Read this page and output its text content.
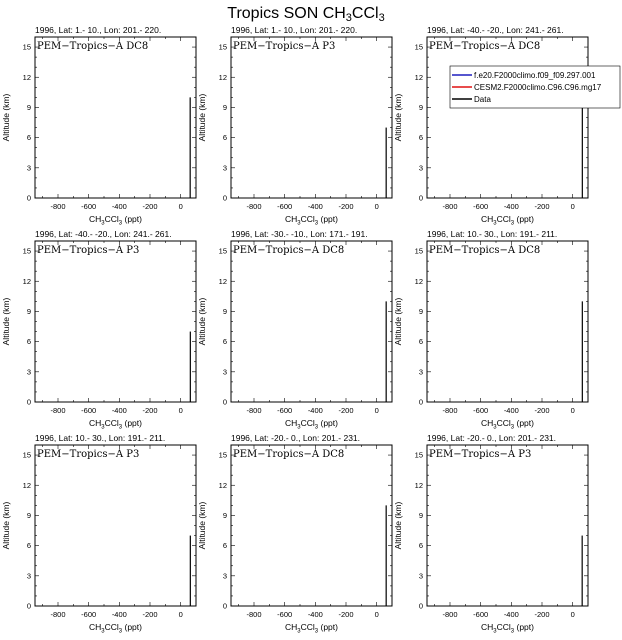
Tropics SON CH3CCl3
1996, Lat: 1.- 10., Lon: 201.- 220.
PEM−Tropics−A DC8
0
3
6
9
12
15
-800 -600 -400 -200	0
$CH_3CCl_3$ (ppt)
Altitude (km)
1996, Lat: 1.- 10., Lon: 201.- 220.
PEM−Tropics−A P3
0
3
6
9
12
15
-800 -600 -400 -200	0
$CH_3CCl_3$ (ppt)
Altitude (km)
1996, Lat: -40.- -20., Lon: 241.- 261.
PEM−Tropics−A DC8
0
3
6
9
12
15
-800 -600 -400 -200	0
$CH_3CCl_3$ (ppt)
Altitude (km)
1996, Lat: -40.- -20., Lon: 241.- 261.
PEM−Tropics−A P3
0
3
6
9
12
15
-800 -600 -400 -200	0
$CH_3CCl_3$ (ppt)
Altitude (km)
1996, Lat: -30.- -10., Lon: 171.- 191.
PEM−Tropics−A DC8
0
3
6
9
12
15
-800 -600 -400 -200	0
$CH_3CCl_3$ (ppt)
Altitude (km)
1996, Lat: 10.- 30., Lon: 191.- 211.
PEM−Tropics−A DC8
0
3
6
9
12
15
-800 -600 -400 -200	0
$CH_3CCl_3$ (ppt)
Altitude (km)
1996, Lat: 10.- 30., Lon: 191.- 211.
PEM−Tropics−A P3
0
3
6
9
12
15
-800 -600 -400 -200	0
$CH_3CCl_3$ (ppt)
Altitude (km)
1996, Lat: -20.- 0., Lon: 201.- 231.
PEM−Tropics−A DC8
0
3
6
9
12
15
-800 -600 -400 -200	0
$CH_3CCl_3$ (ppt)
Altitude (km)
1996, Lat: -20.- 0., Lon: 201.- 231.
PEM−Tropics−A P3
0
3
6
9
12
15
-800 -600 -400 -200	0
$CH_3CCl_3$ (ppt)
Altitude (km)
f.e20.F2000climo.f09_f09.297.001
CESM2.F2000climo.C96.C96.mg17
Data
